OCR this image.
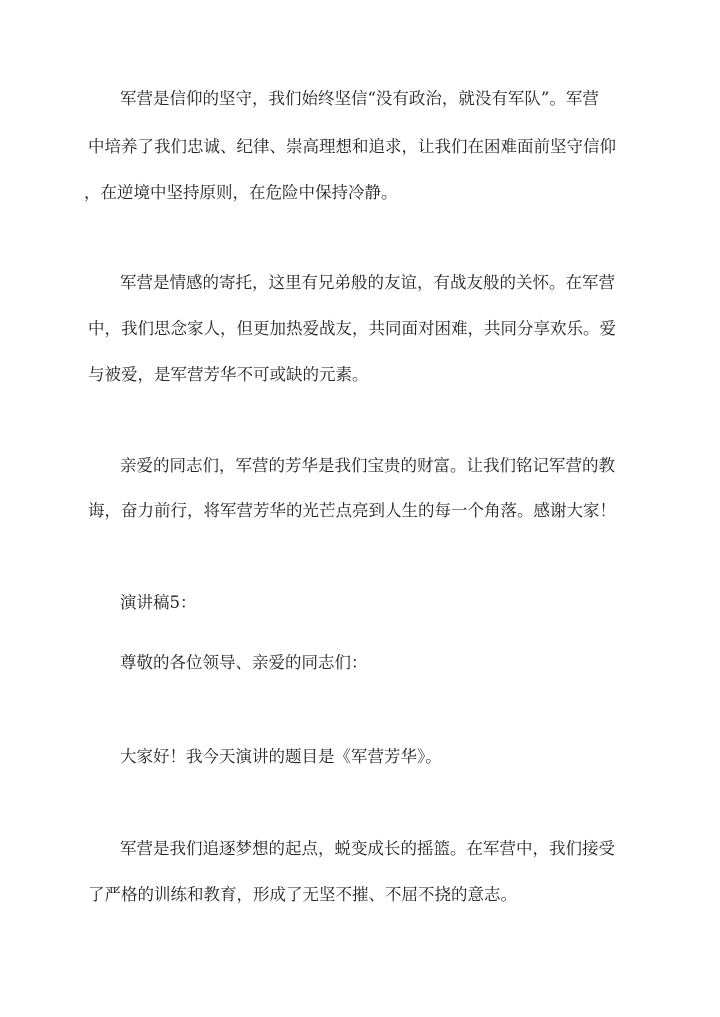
军营是信仰的坚守，我们始终坚信“没有政治，就没有军队”。军营
中培养了我们忠诚、纪律、崇高理想和追求，让我们在困难面前坚守信仰
，在逆境中坚持原则，在危险中保持冷静。
军营是情感的寄托，这里有兄弟般的友谊，有战友般的关怀。在军营
中，我们思念家人，但更加热爱战友，共同面对困难，共同分享欢乐。爱
与被爱，是军营芳华不可或缺的元素。
亲爱的同志们，军营的芳华是我们宝贵的财富。让我们铭记军营的教
诲，奋力前行，将军营芳华的光芒点亮到人生的每一个角落。感谢大家！
演讲稿5：
尊敬的各位领导、亲爱的同志们：
大家好！我今天演讲的题目是《军营芳华》。
军营是我们追逐梦想的起点，蜕变成长的摇篮。在军营中，我们接受
了严格的训练和教育，形成了无坚不摧、不屈不挠的意志。
